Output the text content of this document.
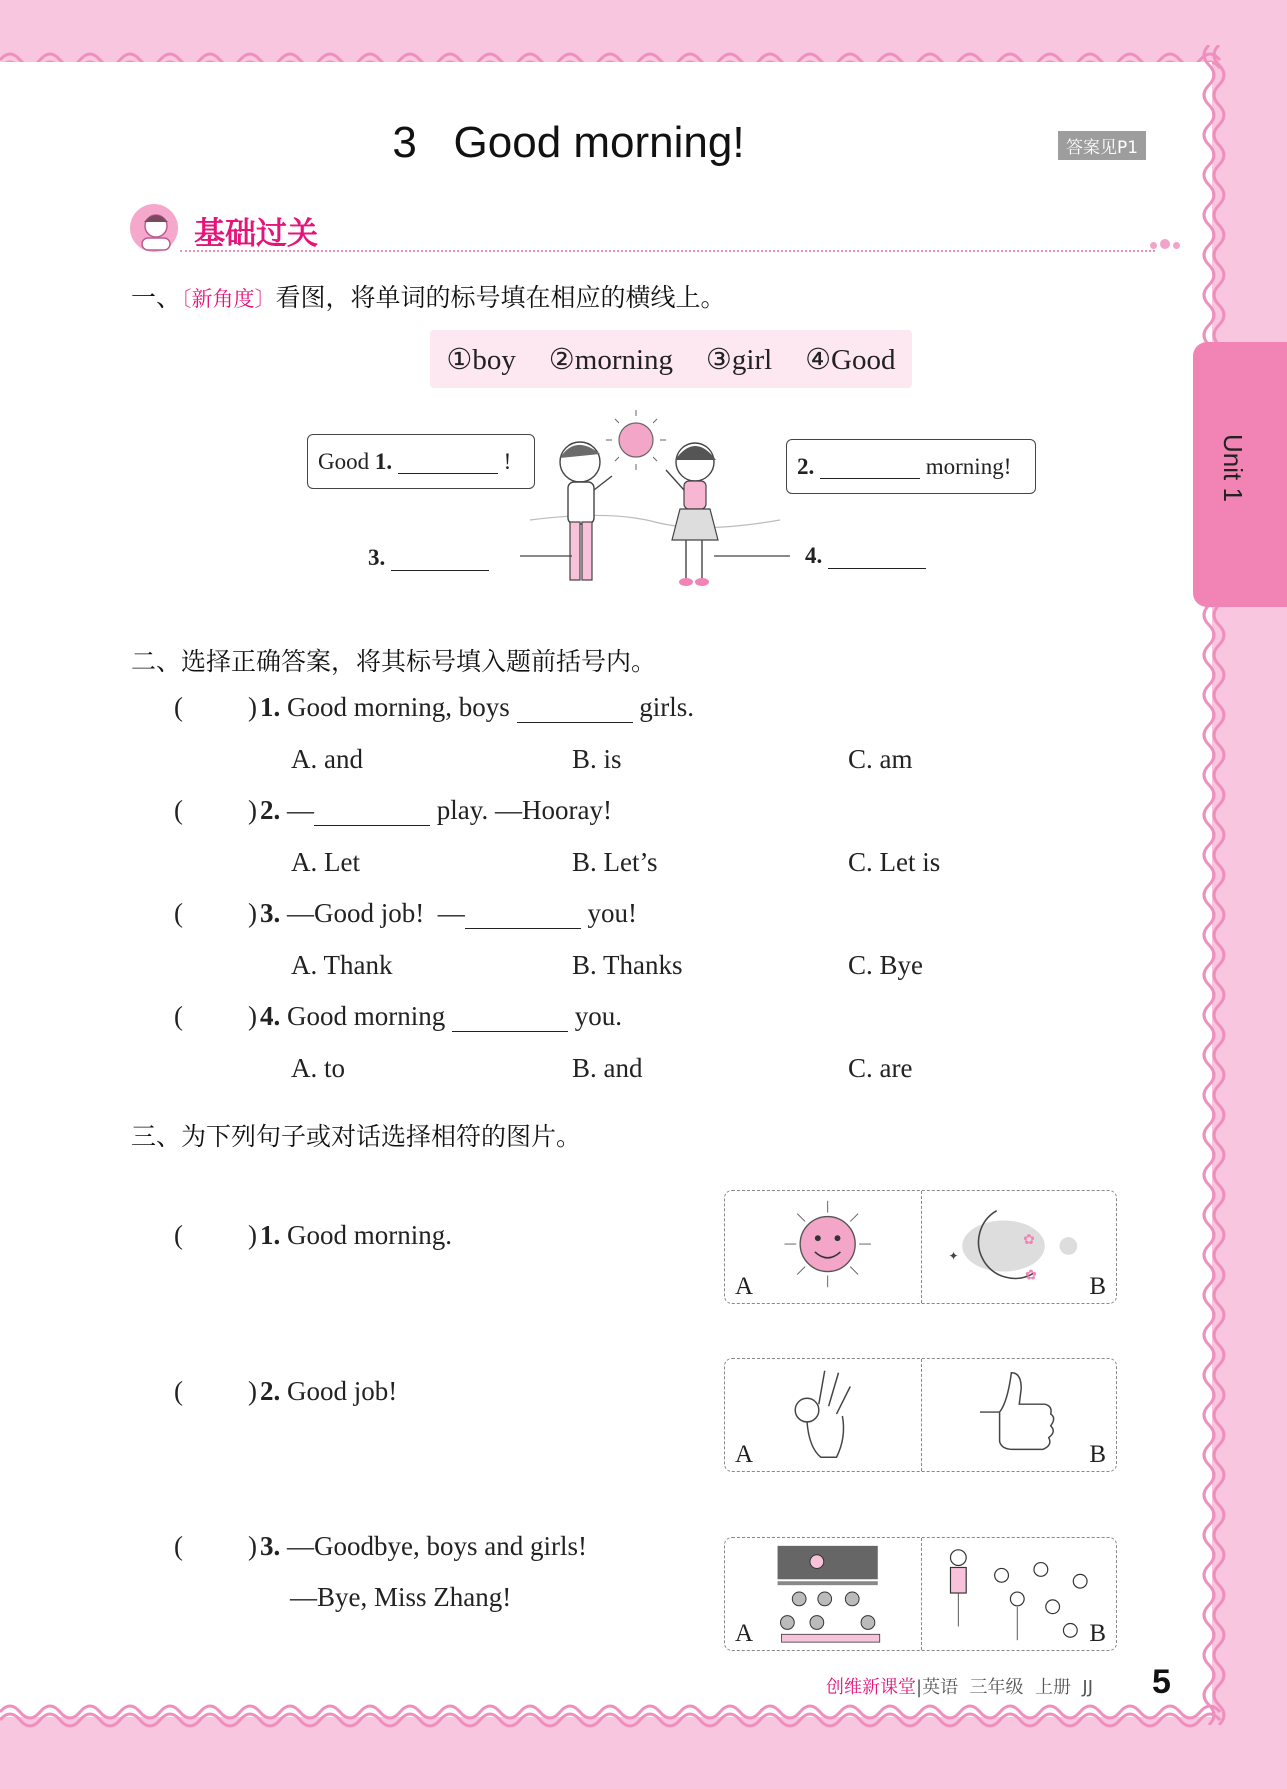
Unit 1
3   Good morning!	答案见P1
基础过关
一、〔新角度〕看图，将单词的标号填在相应的横线上。
①boy ②morning ③girl ④Good
Good 1.

	!	2.
	morning!
3.	4.
二、选择正确答案，将其标号填入题前括号内。
( ) 1. Good morning, boys	girls.
A. and	B. is	C. am
( ) 2. —	play. —Hooray!
A. Let	B. Let’s	C. Let is
( ) 3. —Good job!  —	you!
A. Thank	B. Thanks	C. Bye
( ) 4. Good morning	you.
A. to	B. and	C. are
三、为下列句子或对话选择相符的图片。
( ) 1. Good morning.
A
✿
✿
✦
B
( ) 2. Good job!
A	B
( ) 3. —Goodbye, boys and girls!
—Bye, Miss Zhang!
A	B
创维新课堂|英语  三年级  上册  JJ 5
